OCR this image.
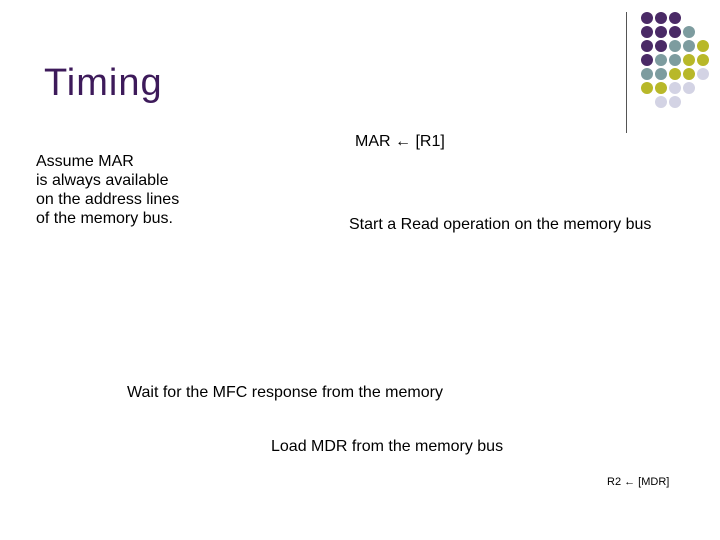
Timing
Assume MAR
is always available
on the address lines
of the memory bus.
MAR ← [R1]
Start a Read operation on the memory bus
Wait for the MFC response from the memory
Load MDR from the memory bus
R2 ← [MDR]
